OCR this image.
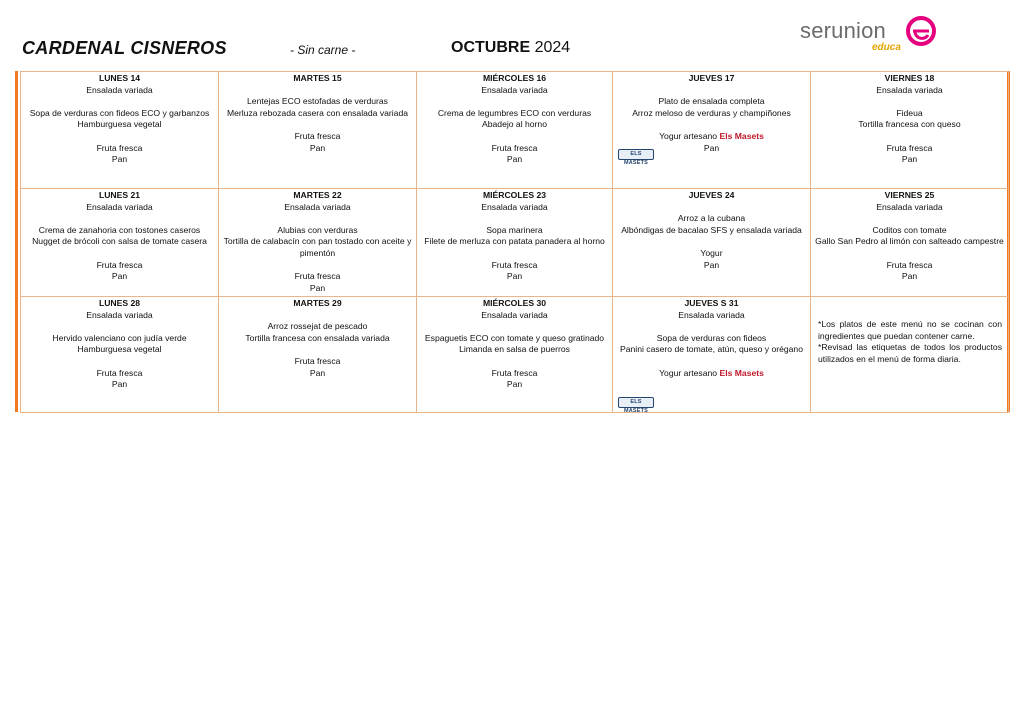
CARDENAL CISNEROS	- Sin carne -	OCTUBRE 2024
serunion
educa
LUNES 14
Ensalada variada
Sopa de verduras con fideos ECO y garbanzos
Hamburguesa vegetal
Fruta fresca
Pan
MARTES 15
Lentejas ECO estofadas de verduras
Merluza rebozada casera con ensalada variada
Fruta fresca
Pan
MIÉRCOLES 16
Ensalada variada
Crema de legumbres ECO con verduras
Abadejo al horno
Fruta fresca
Pan
JUEVES 17
Plato de ensalada completa
Arroz meloso de verduras y champiñones
Yogur artesano Els Masets
Pan
ELS MASETS
VIERNES 18
Ensalada variada
Fideua
Tortilla francesa con queso
Fruta fresca
Pan
LUNES 21
Ensalada variada
Crema de zanahoria con tostones caseros
Nugget de brócoli con salsa de tomate casera
Fruta fresca
Pan
MARTES 22
Ensalada variada
Alubias con verduras
Tortilla de calabacín con pan tostado con aceite y pimentón
Fruta fresca
Pan
MIÉRCOLES 23
Ensalada variada
Sopa marinera
Filete de merluza con patata panadera al horno
Fruta fresca
Pan
JUEVES 24
Arroz a la cubana
Albóndigas de bacalao SFS y ensalada variada
Yogur
Pan
VIERNES 25
Ensalada variada
Coditos con tomate
Gallo San Pedro al limón con salteado campestre
Fruta fresca
Pan
LUNES 28
Ensalada variada
Hervido valenciano con judía verde
Hamburguesa vegetal
Fruta fresca
Pan
MARTES 29
Arroz rossejat de pescado
Tortilla francesa con ensalada variada
Fruta fresca
Pan
MIÉRCOLES 30
Ensalada variada
Espaguetis ECO con tomate y queso gratinado
Limanda en salsa de puerros
Fruta fresca
Pan
JUEVES S 31
Ensalada variada
Sopa de verduras con fideos
Panini casero de tomate, atún, queso y orégano
Yogur artesano Els Masets
ELS MASETS

*Los platos de este menú no se cocinan con ingredientes que puedan contener carne.

*Revisad las etiquetas de todos los productos utilizados en el menú de forma diaria.
